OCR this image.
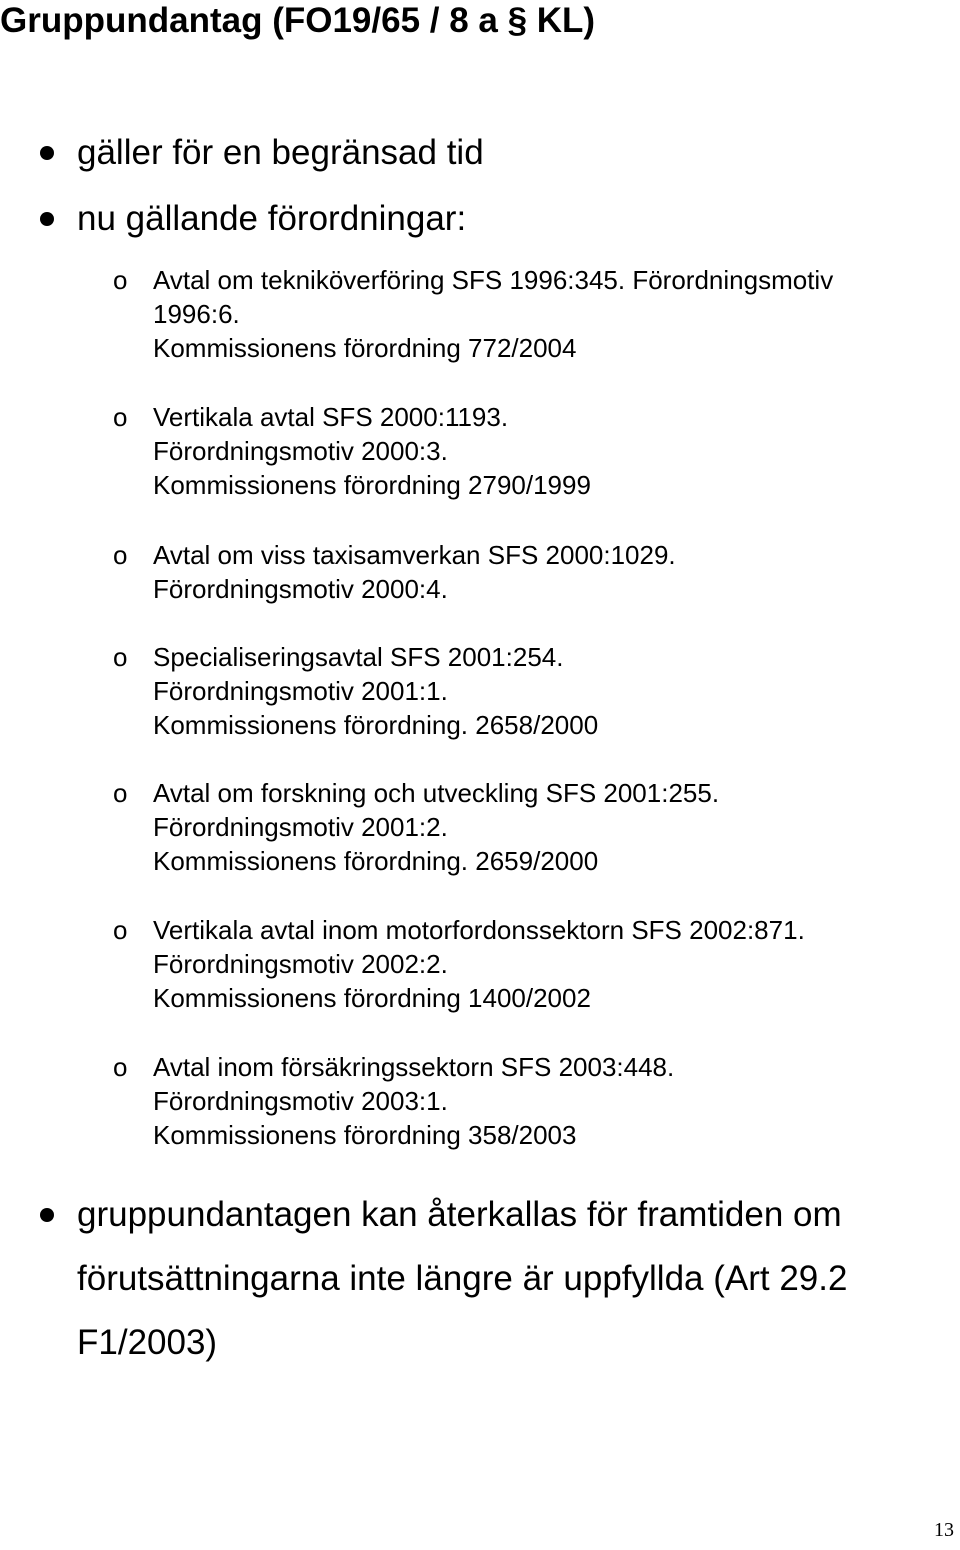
Gruppundantag (FO19/65 / 8 a § KL)
gäller för en begränsad tid
nu gällande förordningar:
o Avtal om tekniköverföring SFS 1996:345. Förordningsmotiv
1996:6.
Kommissionens förordning 772/2004
o Vertikala avtal SFS 2000:1193.
Förordningsmotiv 2000:3.
Kommissionens förordning 2790/1999
o Avtal om viss taxisamverkan SFS 2000:1029.
Förordningsmotiv 2000:4.
o Specialiseringsavtal SFS 2001:254.
Förordningsmotiv 2001:1.
Kommissionens förordning. 2658/2000
o Avtal om forskning och utveckling SFS 2001:255.
Förordningsmotiv 2001:2.
Kommissionens förordning. 2659/2000
o Vertikala avtal inom motorfordonssektorn SFS 2002:871.
Förordningsmotiv 2002:2.
Kommissionens förordning 1400/2002
o Avtal inom försäkringssektorn SFS 2003:448.
Förordningsmotiv 2003:1.
Kommissionens förordning 358/2003
gruppundantagen kan återkallas för framtiden om
förutsättningarna inte längre är uppfyllda (Art 29.2
F1/2003)
13
